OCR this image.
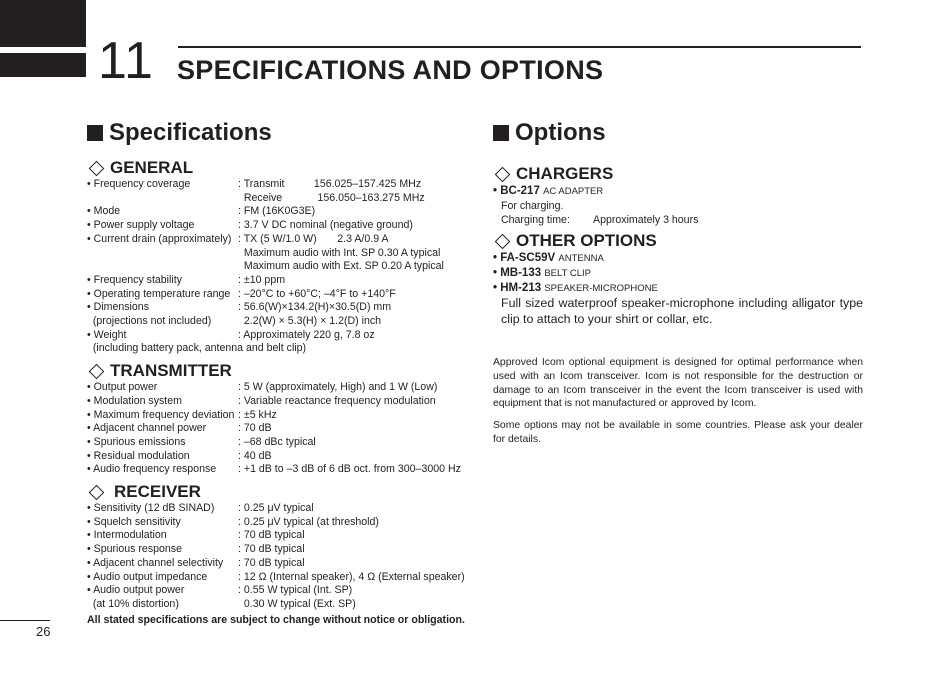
11 SPECIFICATIONS AND OPTIONS
Specifications
GENERAL
• Frequency coverage	: Transmit          156.025–157.425 MHz
Receive            156.050–163.275 MHz
• Mode	: FM (16K0G3E)
• Power supply voltage	: 3.7 V DC nominal (negative ground)
• Current drain (approximately) : TX (5 W/1.0 W)       2.3 A/0.9 A
Maximum audio with Int. SP 0.30 A typical
Maximum audio with Ext. SP 0.20 A typical
• Frequency stability	: ±10 ppm
• Operating temperature range : –20°C to +60°C; –4°F to +140°F
• Dimensions	: 56.6(W)×134.2(H)×30.5(D) mm
(projections not included)	2.2(W) × 5.3(H) × 1.2(D) inch
• Weight	: Approximately 220 g, 7.8 oz
(including battery pack, antenna and belt clip)
TRANSMITTER
• Output power	: 5 W (approximately, High) and 1 W (Low)
• Modulation system	: Variable reactance frequency modulation
• Maximum frequency deviation : ±5 kHz
• Adjacent channel power	: 70 dB
• Spurious emissions	: –68 dBc typical
• Residual modulation	: 40 dB
• Audio frequency response	: +1 dB to –3 dB of 6 dB oct. from 300–3000 Hz
RECEIVER
• Sensitivity (12 dB SINAD)	: 0.25 μV typical
• Squelch sensitivity	: 0.25 μV typical (at threshold)
• Intermodulation	: 70 dB typical
• Spurious response	: 70 dB typical
• Adjacent channel selectivity	: 70 dB typical
• Audio output impedance	: 12 Ω (Internal speaker), 4 Ω (External speaker)
• Audio output power	: 0.55 W typical (Int. SP)
(at 10% distortion)	0.30 W typical (Ext. SP)
All stated specifications are subject to change without notice or obligation.
Options
CHARGERS
• BC-217 AC ADAPTER
For charging.
Charging time: Approximately 3 hours
OTHER OPTIONS
• FA-SC59V ANTENNA
• MB-133 BELT CLIP
• HM-213 SPEAKER-MICROPHONE
Full sized waterproof speaker-microphone including alligator type clip to attach to your shirt or collar, etc.
Approved Icom optional equipment is designed for optimal performance when used with an Icom transceiver. Icom is not responsible for the destruction or damage to an Icom transceiver in the event the Icom transceiver is used with equipment that is not manufactured or approved by Icom.
Some options may not be available in some countries. Please ask your dealer for details.
26
